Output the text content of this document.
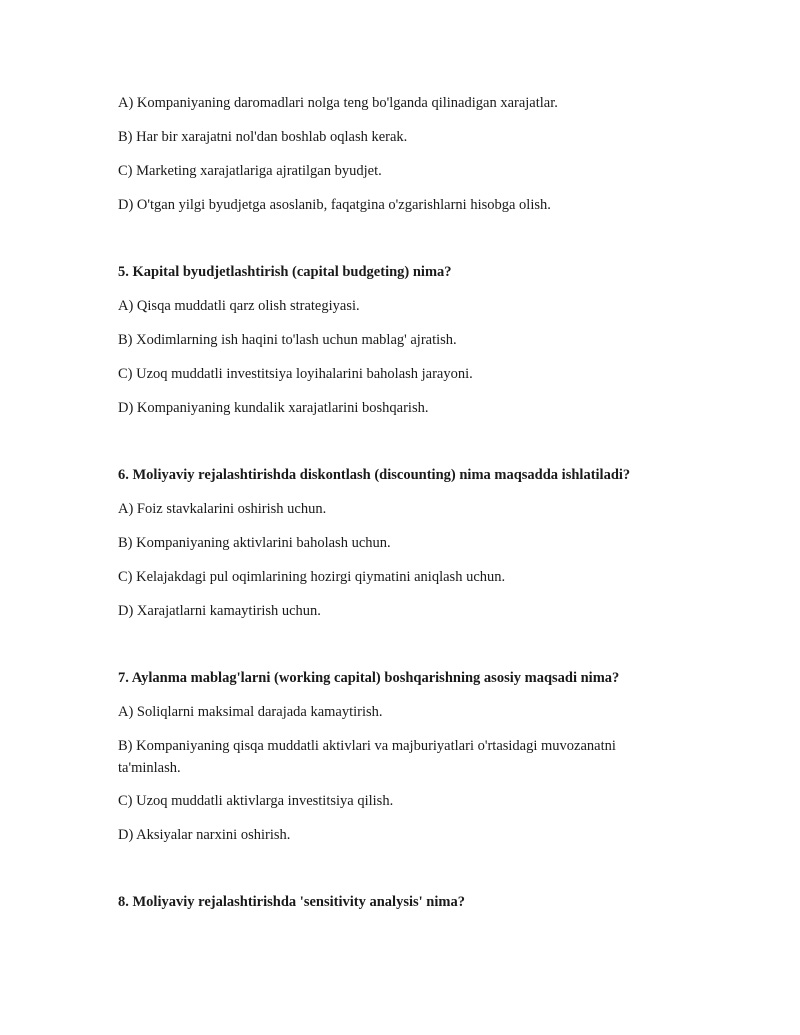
A) Kompaniyaning daromadlari nolga teng bo'lganda qilinadigan xarajatlar.
B) Har bir xarajatni nol'dan boshlab oqlash kerak.
C) Marketing xarajatlariga ajratilgan byudjet.
D) O'tgan yilgi byudjetga asoslanib, faqatgina o'zgarishlarni hisobga olish.
5. Kapital byudjetlashtirish (capital budgeting) nima?
A) Qisqa muddatli qarz olish strategiyasi.
B) Xodimlarning ish haqini to'lash uchun mablag' ajratish.
C) Uzoq muddatli investitsiya loyihalarini baholash jarayoni.
D) Kompaniyaning kundalik xarajatlarini boshqarish.
6. Moliyaviy rejalashtirishda diskontlash (discounting) nima maqsadda ishlatiladi?
A) Foiz stavkalarini oshirish uchun.
B) Kompaniyaning aktivlarini baholash uchun.
C) Kelajakdagi pul oqimlarining hozirgi qiymatini aniqlash uchun.
D) Xarajatlarni kamaytirish uchun.
7. Aylanma mablag'larni (working capital) boshqarishning asosiy maqsadi nima?
A) Soliqlarni maksimal darajada kamaytirish.
B) Kompaniyaning qisqa muddatli aktivlari va majburiyatlari o'rtasidagi muvozanatni ta'minlash.
C) Uzoq muddatli aktivlarga investitsiya qilish.
D) Aksiyalar narxini oshirish.
8. Moliyaviy rejalashtirishda 'sensitivity analysis' nima?
